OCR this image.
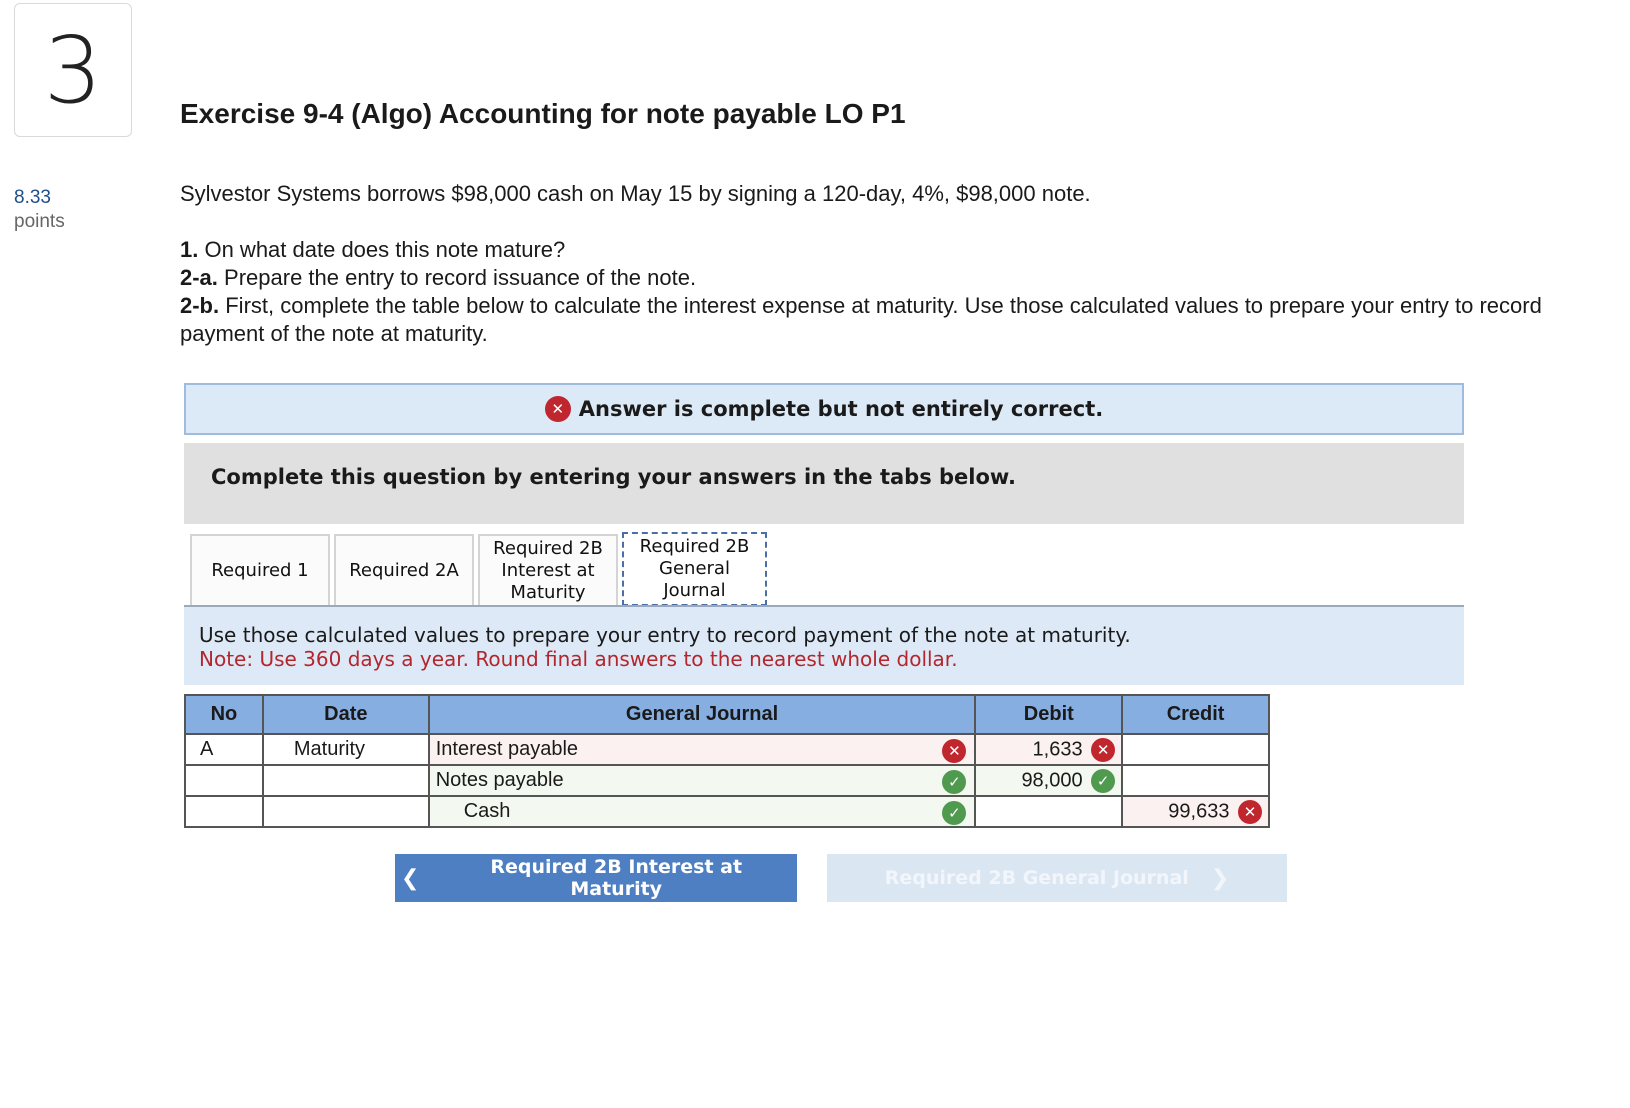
3
8.33
points
Exercise 9-4 (Algo) Accounting for note payable LO P1

Sylvestor Systems borrows $98,000 cash on May 15 by signing a 120-day, 4%, $98,000 note.

1. On what date does this note mature?
2-a. Prepare the entry to record issuance of the note.
2-b. First, complete the table below to calculate the interest expense at maturity. Use those calculated values to prepare your entry to record payment of the note at maturity.
✕ Answer is complete but not entirely correct.
Complete this question by entering your answers in the tabs below.
Required 1 Required 2A
Required 2B Interest at Maturity
Required 2B General Journal
Use those calculated values to prepare your entry to record payment of the note at maturity.
Note: Use 360 days a year. Round final answers to the nearest whole dollar.
No	Date	General Journal	Debit	Credit
A	Maturity	Interest payable ✕	1,633 ✕	
		Notes payable ✓	98,000 ✓	
		Cash ✓		99,633 ✕
❮	Required 2B Interest at Maturity	Required 2B General Journal ❯
